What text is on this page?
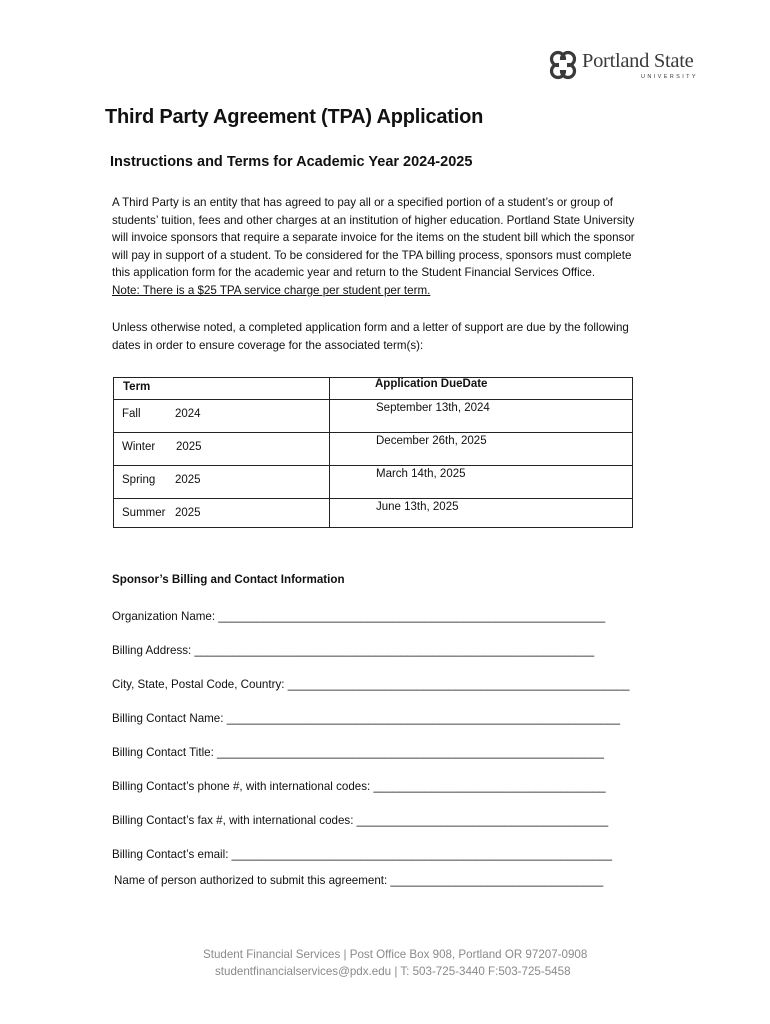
Portland State
UNIVERSITY
Third Party Agreement (TPA) Application
Instructions and Terms for Academic Year 2024-2025
A Third Party is an entity that has agreed to pay all or a specified portion of a student’s or group of
students’ tuition, fees and other charges at an institution of higher education. Portland State University
will invoice sponsors that require a separate invoice for the items on the student bill which the sponsor
will pay in support of a student. To be considered for the TPA billing process, sponsors must complete
this application form for the academic year and return to the Student Financial Services Office.
Note: There is a $25 TPA service charge per student per term.
Unless otherwise noted, a completed application form and a letter of support are due by the following
dates in order to ensure coverage for the associated term(s):
Term	Application DueDate
Fall	2024	September 13th, 2024
Winter 2025	December 26th, 2025
Spring 2025	March 14th, 2025
Summer 2025	June 13th, 2025
Sponsor’s Billing and Contact Information
Organization Name: ____________________________________________________________
Billing Address: ______________________________________________________________
City, State, Postal Code, Country: _____________________________________________________
Billing Contact Name: _____________________________________________________________
Billing Contact Title: ____________________________________________________________
Billing Contact’s phone #, with international codes: ____________________________________
Billing Contact’s fax #, with international codes: _______________________________________
Billing Contact’s email: ___________________________________________________________
Name of person authorized to submit this agreement: _________________________________
Student Financial Services | Post Office Box 908, Portland OR 97207-0908
studentfinancialservices@pdx.edu | T: 503-725-3440 F:503-725-5458
